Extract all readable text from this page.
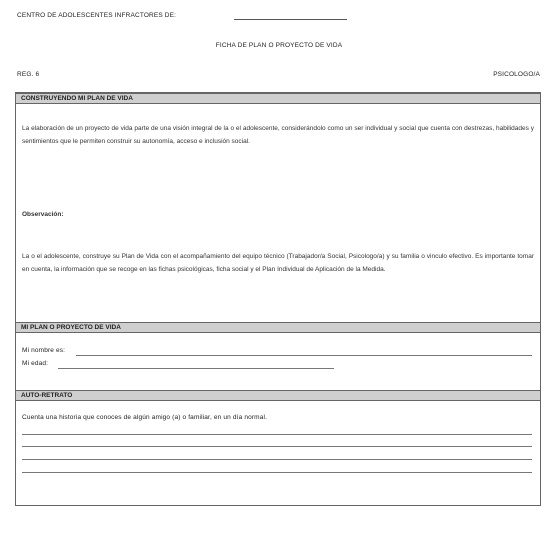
CENTRO DE ADOLESCENTES INFRACTORES DE:
FICHA DE PLAN O PROYECTO DE VIDA
REG. 6	PSICOLOGO/A
CONSTRUYENDO MI PLAN DE VIDA
La elaboración de un proyecto de vida parte de una visión integral de la o el adolescente, considerándolo como un ser individual y social que cuenta con destrezas, habilidades y sentimientos que le permiten construir su autonomía, acceso e inclusión social.
Observación:
La o el adolescente, construye su Plan de Vida con el acompañamiento del equipo técnico (Trabajador/a Social, Psicologo/a) y su familia o vinculo efectivo. Es importante tomar en cuenta, la información que se recoge en las fichas psicológicas, ficha social y el Plan Individual de Aplicación de la Medida.
MI PLAN O PROYECTO DE VIDA
Mi nombre es:
Mi edad:
AUTO-RETRATO
Cuenta una historia que conoces de algún amigo (a) o familiar, en un día normal.
